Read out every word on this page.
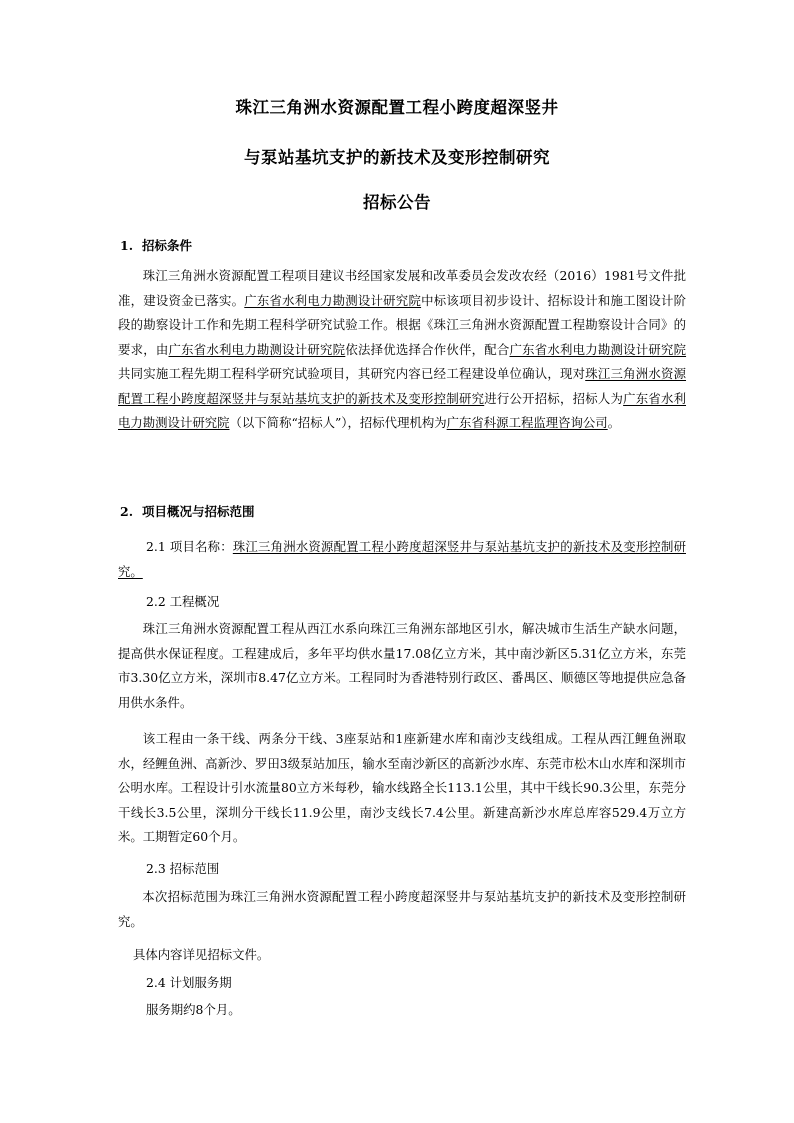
珠江三角洲水资源配置工程小跨度超深竖井
与泵站基坑支护的新技术及变形控制研究
招标公告
1. 招标条件
珠江三角洲水资源配置工程项目建议书经国家发展和改革委员会发改农经（2016）1981号文件批准，建设资金已落实。广东省水利电力勘测设计研究院中标该项目初步设计、招标设计和施工图设计阶段的勘察设计工作和先期工程科学研究试验工作。根据《珠江三角洲水资源配置工程勘察设计合同》的要求，由广东省水利电力勘测设计研究院依法择优选择合作伙伴，配合广东省水利电力勘测设计研究院共同实施工程先期工程科学研究试验项目，其研究内容已经工程建设单位确认，现对珠江三角洲水资源配置工程小跨度超深竖井与泵站基坑支护的新技术及变形控制研究进行公开招标，招标人为广东省水利电力勘测设计研究院（以下简称“招标人”），招标代理机构为广东省科源工程监理咨询公司。
2. 项目概况与招标范围
2.1 项目名称：珠江三角洲水资源配置工程小跨度超深竖井与泵站基坑支护的新技术及变形控制研究。
2.2 工程概况
珠江三角洲水资源配置工程从西江水系向珠江三角洲东部地区引水，解决城市生活生产缺水问题，提高供水保证程度。工程建成后，多年平均供水量17.08亿立方米，其中南沙新区5.31亿立方米，东莞市3.30亿立方米，深圳市8.47亿立方米。工程同时为香港特别行政区、番禺区、顺德区等地提供应急备用供水条件。
该工程由一条干线、两条分干线、3座泵站和1座新建水库和南沙支线组成。工程从西江鲤鱼洲取水，经鲤鱼洲、高新沙、罗田3级泵站加压，输水至南沙新区的高新沙水库、东莞市松木山水库和深圳市公明水库。工程设计引水流量80立方米每秒，输水线路全长113.1公里，其中干线长90.3公里，东莞分干线长3.5公里，深圳分干线长11.9公里，南沙支线长7.4公里。新建高新沙水库总库容529.4万立方米。工期暂定60个月。
2.3 招标范围
本次招标范围为珠江三角洲水资源配置工程小跨度超深竖井与泵站基坑支护的新技术及变形控制研究。
具体内容详见招标文件。
2.4 计划服务期
服务期约8个月。
